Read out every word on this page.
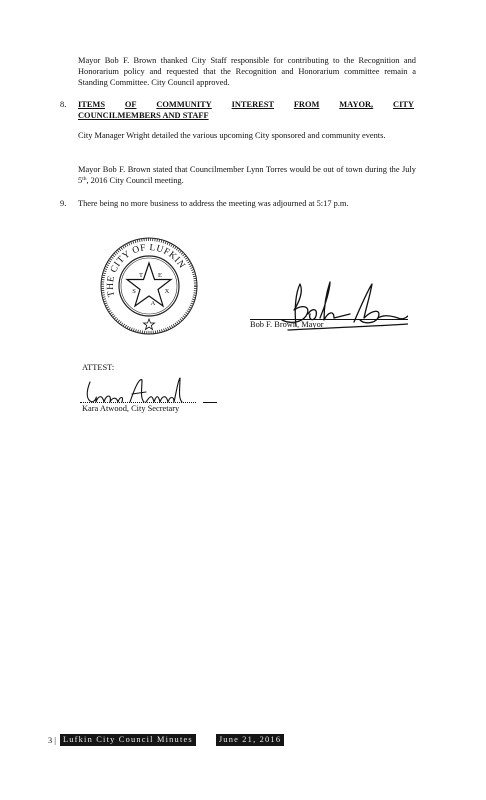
Mayor Bob F. Brown thanked City Staff responsible for contributing to the Recognition and Honorarium policy and requested that the Recognition and Honorarium committee remain a Standing Committee. City Council approved.

8. ITEMS OF COMMUNITY INTEREST FROM MAYOR, CITY
COUNCILMEMBERS AND STAFF

City Manager Wright detailed the various upcoming City sponsored and community events.

Mayor Bob F. Brown stated that Councilmember Lynn Torres would be out of town during the July 5th, 2016 City Council meeting.

9. There being no more business to address the meeting was adjourned at 5:17 p.m.

THE CITY OF LUFKIN
T E
X
A
S
Bob F. Brown, Mayor
ATTEST:
Kara Atwood, City Secretary
3 | Lufkin City Council Minutes	June 21, 2016
